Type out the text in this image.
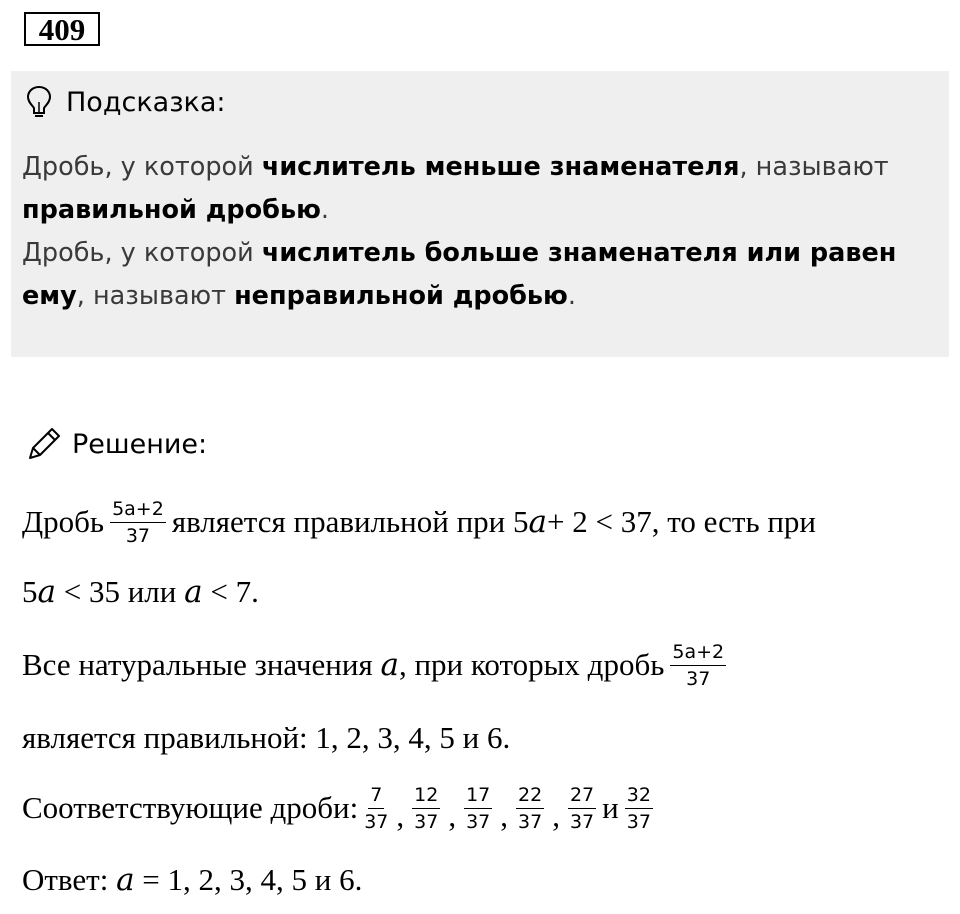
409
Подсказка:
Дробь, у которой числитель меньше знаменателя, называют правильной дробью.
Дробь, у которой числитель больше знаменателя или равен ему, называют неправильной дробью.
Решение:
Дробь $\frac{5a+2}{37}$ является правильной при 5 a + 2 < 37, то есть при
5 a < 35 или a < 7.
Все натуральные значения a , при которых дробь $\frac{5a+2}{37}$
является правильной: 1, 2, 3, 4, 5 и 6.
Соответствующие дроби: $\frac{7}{37}$ , $\frac{12}{37}$ , $\frac{17}{37}$ , $\frac{22}{37}$ , $\frac{27}{37}$ и $\frac{32}{37}$
Ответ: a = 1, 2, 3, 4, 5 и 6.
